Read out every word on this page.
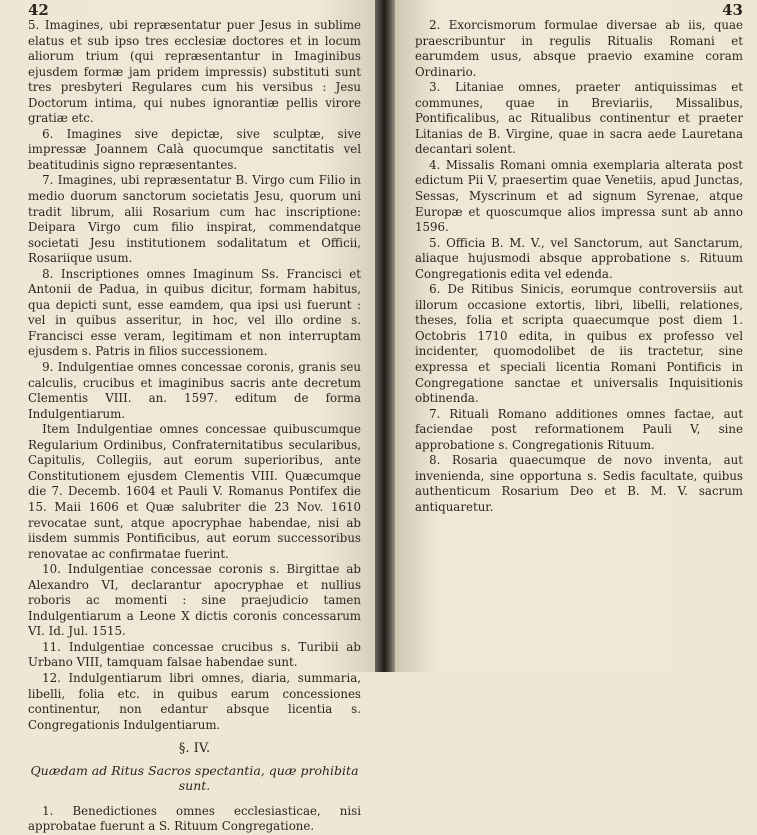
42

5. Imagines, ubi repræsentatur puer Jesus in sublime elatus et sub ipso tres ecclesiæ doctores et in locum aliorum trium (qui repræsentantur in Imaginibus ejusdem formæ jam pridem impressis) substituti sunt tres presbyteri Regulares cum his versibus : Jesu Doctorum intima, qui nubes ignorantiæ pellis virore gratiæ etc.

6. Imagines sive depictæ, sive sculptæ, sive impressæ Joannem Calà quocumque sanctitatis vel beatitudinis signo repræsentantes.

7. Imagines, ubi repræsentatur B. Virgo cum Filio in medio duorum sanctorum societatis Jesu, quorum uni tradit librum, alii Rosarium cum hac inscriptione: Deipara Virgo cum filio inspirat, commendatque societati Jesu institutionem sodalitatum et Officii, Rosariique usum.

8. Inscriptiones omnes Imaginum Ss. Francisci et Antonii de Padua, in quibus dicitur, formam habitus, qua depicti sunt, esse eamdem, qua ipsi usi fuerunt : vel in quibus asseritur, in hoc, vel illo ordine s. Francisci esse veram, legitimam et non interruptam ejusdem s. Patris in filios successionem.

9. Indulgentiae omnes concessae coronis, granis seu calculis, crucibus et imaginibus sacris ante decretum Clementis VIII. an. 1597. editum de forma Indulgentiarum.

Item Indulgentiae omnes concessae quibuscumque Regularium Ordinibus, Confraternitatibus secularibus, Capitulis, Collegiis, aut eorum superioribus, ante Constitutionem ejusdem Clementis VIII. Quæcumque die 7. Decemb. 1604 et Pauli V. Romanus Pontifex die 15. Maii 1606 et Quæ salubriter die 23 Nov. 1610 revocatae sunt, atque apocryphae habendae, nisi ab iisdem summis Pontificibus, aut eorum successoribus renovatae ac confirmatae fuerint.

10. Indulgentiae concessae coronis s. Birgittae ab Alexandro VI, declarantur apocryphae et nullius roboris ac momenti : sine praejudicio tamen Indulgentiarum a Leone X dictis coronis concessarum VI. Id. Jul. 1515.

11. Indulgentiae concessae crucibus s. Turibii ab Urbano VIII, tamquam falsae habendae sunt.

12. Indulgentiarum libri omnes, diaria, summaria, libelli, folia etc. in quibus earum concessiones continentur, non edantur absque licentia s. Congregationis Indulgentiarum.

§. IV.
Quædam ad Ritus Sacros spectantia, quæ prohibita sunt.

1. Benedictiones omnes ecclesiasticae, nisi approbatae fuerunt a S. Rituum Congregatione.

43

2. Exorcismorum formulae diversae ab iis, quae praescribuntur in regulis Ritualis Romani et earumdem usus, absque praevio examine coram Ordinario.

3. Litaniae omnes, praeter antiquissimas et communes, quae in Breviariis, Missalibus, Pontificalibus, ac Ritualibus continentur et praeter Litanias de B. Virgine, quae in sacra aede Lauretana decantari solent.

4. Missalis Romani omnia exemplaria alterata post edictum Pii V, praesertim quae Venetiis, apud Junctas, Sessas, Myscrinum et ad signum Syrenae, atque Europæ et quoscumque alios impressa sunt ab anno 1596.

5. Officia B. M. V., vel Sanctorum, aut Sanctarum, aliaque hujusmodi absque approbatione s. Rituum Congregationis edita vel edenda.

6. De Ritibus Sinicis, eorumque controversiis aut illorum occasione extortis, libri, libelli, relationes, theses, folia et scripta quaecumque post diem 1. Octobris 1710 edita, in quibus ex professo vel incidenter, quomodolibet de iis tractetur, sine expressa et speciali licentia Romani Pontificis in Congregatione sanctae et universalis Inquisitionis obtinenda.

7. Rituali Romano additiones omnes factae, aut faciendae post reformationem Pauli V, sine approbatione s. Congregationis Rituum.

8. Rosaria quaecumque de novo inventa, aut invenienda, sine opportuna s. Sedis facultate, quibus authenticum Rosarium Deo et B. M. V. sacrum antiquaretur.
